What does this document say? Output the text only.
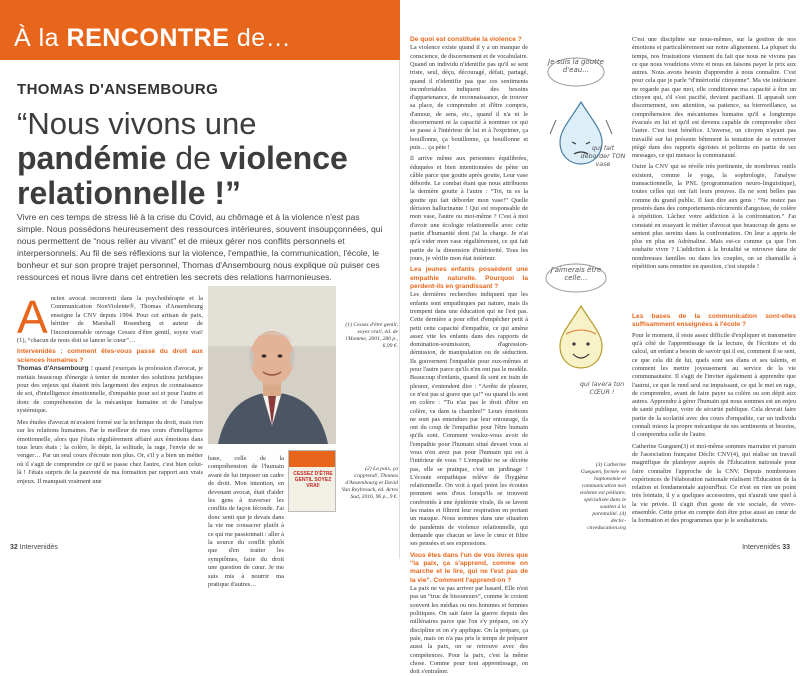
À la RENCONTRE de…
THOMAS D'ANSEMBOURG
“Nous vivons une
pandémie de violence
relationnelle !”
Vivre en ces temps de stress lié à la crise du Covid, au chômage et à la violence n'est pas simple. Nous possédons heureusement des ressources intérieures, souvent insoupçonnées, qui nous permettent de “nous relier au vivant” et de mieux gérer nos conflits personnels et interpersonnels. Au fil de ses réflexions sur la violence, l'empathie, la communication, l'école, le bonheur et sur son propre trajet personnel, Thomas d'Ansembourg nous explique où puiser ces ressources et nous livre dans cet entretien les secrets des relations harmonieuses.
A ncien avocat reconverti dans la psychothérapie et la Communication NonViolente®, Thomas d'Ansembourg enseigne la CNV depuis 1994. Pour cet artisan de paix, héritier de Marshall Rosenberg et auteur de l'incontournable ouvrage Cessez d'être gentil, soyez vrai!(1), “chacun de nous doit se lancer le cœur”…
Intervenidès : comment êtes-vous passé du droit aux sciences humaines ?
Thomas d'Ansembourg : quand j'exerçais la profession d'avocat, je mettais beaucoup d'énergie à tenter de monter des solutions juridiques pour des enjeux qui étaient très largement des enjeux de connaissance de soi, d'intelligence émotionnelle, d'empathie pour soi et pour l'autre et donc de compréhension de la mécanique humaine et de l'analyse systémique.
Mes études d'avocat m'avaient formé sur la technique du droit, mais rien sur les relations humaines. Par le meilleur de mes cours d'intelligence émotionnelle, alors que j'étais régulièrement affairé aux émotions dans tous leurs états : la colère, le dépit, la solitude, la rage, l'envie de se venger… Par un seul cours d'écoute non plus. Or, s'il y a bien un métier où il s'agit de comprendre ce qu'il se passe chez l'autre, c'est bien celui-là ! J'étais surpris de la pauvreté de ma formation par rapport aux vrais enjeux. Il manquait vraiment une
(1) Cessez d'être gentil, soyez vrai!, éd. de l'Homme, 2001, 280 p., 6,99 €.
CESSEZ D'ÊTRE GENTIL SOYEZ VRAI!
(2) La paix, ça s'apprend!, Thomas d'Ansembourg et David Van Reybrouck, éd. Actes Sud, 2016, 96 p., 9 €.
base, celle de la compréhension de l'humain avant de lui imposer un cadre de droit. Mon intention, en devenant avocat, était d'aider les gens à traverser les conflits de façon féconde. J'ai donc senti que je devais dans la vie me consacrer plutôt à ce qui me passionnait : aller à la source du conflit plutôt que d'en traiter les symptômes, faire du droit une question de cœur. Je me suis mis à nourrir ma pratique d'autres…
32 Intervenidès
De quoi est constituée la violence ?
La violence existe quand il y a un manque de conscience, de discernement et de vocabulaire. Quand un individu n'identifie pas qu'il se sent triste, seul, déçu, découragé, défait, partagé, quand il n'identifie pas que ces sentiments inconfortables indiquent des besoins d'appartenance, de reconnaissance, de trouver sa place, de comprendre et d'être compris, d'amour, de sens, etc., quand il n'a ni le discernement ni la capacité à nommer ce qui se passe à l'intérieur de lui et à l'exprimer, ça bouillonne, ça bouillonne, ça bouillonne et puis… ça pète !
Il arrive même aux personnes équilibrées, éduquées et bien intentionnées de péter un câble parce que goutte après goutte, Leur vase déborde. Le combat étant que nous attribuons la dernière goutte à l'autre : “Toi, tu es la goutte qui fait déborder mon vase!” Quelle dérision hallucinante ! Qui est responsable de mon vase, l'autre ou moi-même ? C'est à moi d'avoir une écologie relationnelle avec cette partie d'humanité dont j'ai la charge. Je n'ai qu'à vider mon vase régulièrement, ce qui fait partie de la dimension d'intériorité. Tous les jours, je vérifie mon état intérieur.
Les jeunes enfants possèdent une empathie naturelle. Pourquoi la perdent-ils en grandissant ?
Les dernières recherches indiquent que les enfants sont empathiques par nature, mais ils trempent dans une éducation qui ne l'est pas. Cette dernière a pour effet d'empêcher petit à petit cette capacité d'empathie, ce qui amène assez vite les enfants dans des rapports de domination-soumission, d'agression-démission, de manipulation ou de séduction. Ils gouvernent l'empathie pour eux-mêmes et pour l'autre parce qu'ils n'en ont pas le modèle. Beaucoup d'enfants, quand ils sont en train de pleurer, s'entendent dire : “Arrête de pleurer, ce n'est pas si grave que ça!” ou quand ils sont en colère : “Tu n'as pas le droit d'être en colère, va dans ta chambre!” Leurs émotions ne sont pas entendues par leur entourage, ils ont du coup de l'empathie pour l'être humain qu'ils sont. Comment voulez-vous avoir de l'empathie pour l'humain situé devant vous si vous n'en avez pas pour l'humain qui est à l'intérieur de vous ? L'empathie ne se décrète pas, elle se pratique, c'est un jardinage ! L'écoute empathique relève de l'hygiène relationnelle. On voit à quel point les écoutes prennent sens d'eux lorsqu'ils se trouvent confrontés à une épidémie virale, ils se lavent les mains et filtrent leur respiration en portant un masque. Nous sommes dans une situation de pandémie de violence relationnelle, qui demande que chacun se lave le cœur et filtre ses pensées et ses expressions.
Vous êtes dans l'un de vos livres que “la paix, ça s'apprend, comme on marche et le lire, qui ne l'est pas de la vie”. Comment l'apprend-on ?
La paix ne va pas arriver par hasard. Elle n'est pas un “truc de bisounours”, comme le croient souvent les médias ou nos hommes et femmes politiques. On sait faire la guerre depuis des millénaires parce que l'on s'y prépare, on s'y discipline et on s'y applique. On la prépare, ça paie, mais on n'a pas pris le temps de préparer aussi la paix, on se retrouve avec des compétences. Pour la paix, c'est la même chose. Comme pour tout apprentissage, on doit s'entraîner.
Je suis la goutte d'eau…
qui fait déborder TON vase
J'aimerais être celle…
qui lavera ton CŒUR !
(3) Catherine Gueguen, formée en haptonomie et communication non violente est pédiatre, spécialisée dans le soutien à la parentalité. (4) declic-cnveducation.org
C'est une discipline sur nous-mêmes, sur la gestion de nos émotions et particulièrement sur notre alignement. La plupart du temps, nos frustrations viennent du fait que nous ne vivons pas ce que nous voudrions vivre et nous en faisons payer le prix aux autres. Nous avons besoin d'apprendre à nous connaître. C'est pour cela que je parle “d'intériorité citoyenne”. Ma vie intérieure ne regarde pas que moi, elle conditionne ma capacité à être un citoyen qui, s'il s'est pacifié, devient pacifiant. Il apparaît son discernement, son attention, sa patience, sa bienveillance, sa compréhension des mécanismes humains qu'il a longtemps évacués en lui et qu'il est devenu capable de comprendre chez l'autre. C'est tout bénéfice. L'inverse, un citoyen n'ayant pas travaillé sur lui présente bêtement la tentation de se retrouver piégé dans des rapports égoïstes et poltrons en partie de ses messages, ce qui menace la communauté.
Outre la CNV qui se révèle très pertinente, de nombreux outils existent, comme le yoga, la sophrologie, l'analyse transactionnelle, la PNL (programmation neuro-linguistique), toutes celles qui ont fait leurs preuves. Ils ne sont belles pas comme du grand public. Il faut dire aux gens : “Ne restez pas prostrés dans des comportements récurrents d'angoisse, de colère à répétition. Lâchez votre addiction à la confrontation.” J'ai constaté en essayant le métier d'avocat que beaucoup de gens se sentent plus sereins dans la confrontation. On leur a appris de plus en plus en Adrénaline. Mais est-ce comme ça que l'on souhaite vivre ? L'addiction à la brutalité se retrouve dans de nombreuses familles ou dans les couples, on se chamaille à répétition sans remettre en question, c'est stupide !
Les bases de la communication sont-elles suffisamment enseignées à l'école ?
Pour le moment, il reste assez difficile d'expliquer et transmettre qu'à côté de l'apprentissage de la lecture, de l'écriture et du calcul, un enfant a besoin de savoir qui il est, comment il se sent, ce que cela dit de lui, quels sont ses élans et ses talents, et comment les mettre joyeusement au service de la vie communautaire. Il s'agit de l'inviter également à apprendre que l'autrui, ce que le rend seul ou impuissant, ce qui le met en rage, de comprendre, avant de faire payer sa colère ou son dépit aux autres. Apprendre à gérer l'humain qui nous sommes est un enjeu de santé publique, voire de sécurité publique. Cela devrait faire partie de la scolarité avec des cours d'empathie, car un individu connaît mieux la propre mécanique de ses sentiments et besoins, il comprendra celle de l'autre.
Catherine Gueguen(3) et moi-même sommes marraine et parrain de l'association française Déclic CNV(4), qui réalise un travail magnifique de plaidoyer auprès de l'Éducation nationale pour faire connaître l'approche de la CNV. Depuis nombreuses expériences de l'élaboration nationale réalisent l'Éducation de la relation et fondamentale aujourd'hui. Ce n'est en rien un point très lointain, il y a quelques accessoires, qui n'aurait une quel à la vie privée. Il s'agit d'un geste de vie sociale, de vivre-ensemble. Cette prise en compte doit être prise aussi au cœur de la formation et des programmes que je le souhaiterais.
Intervenidès 33
